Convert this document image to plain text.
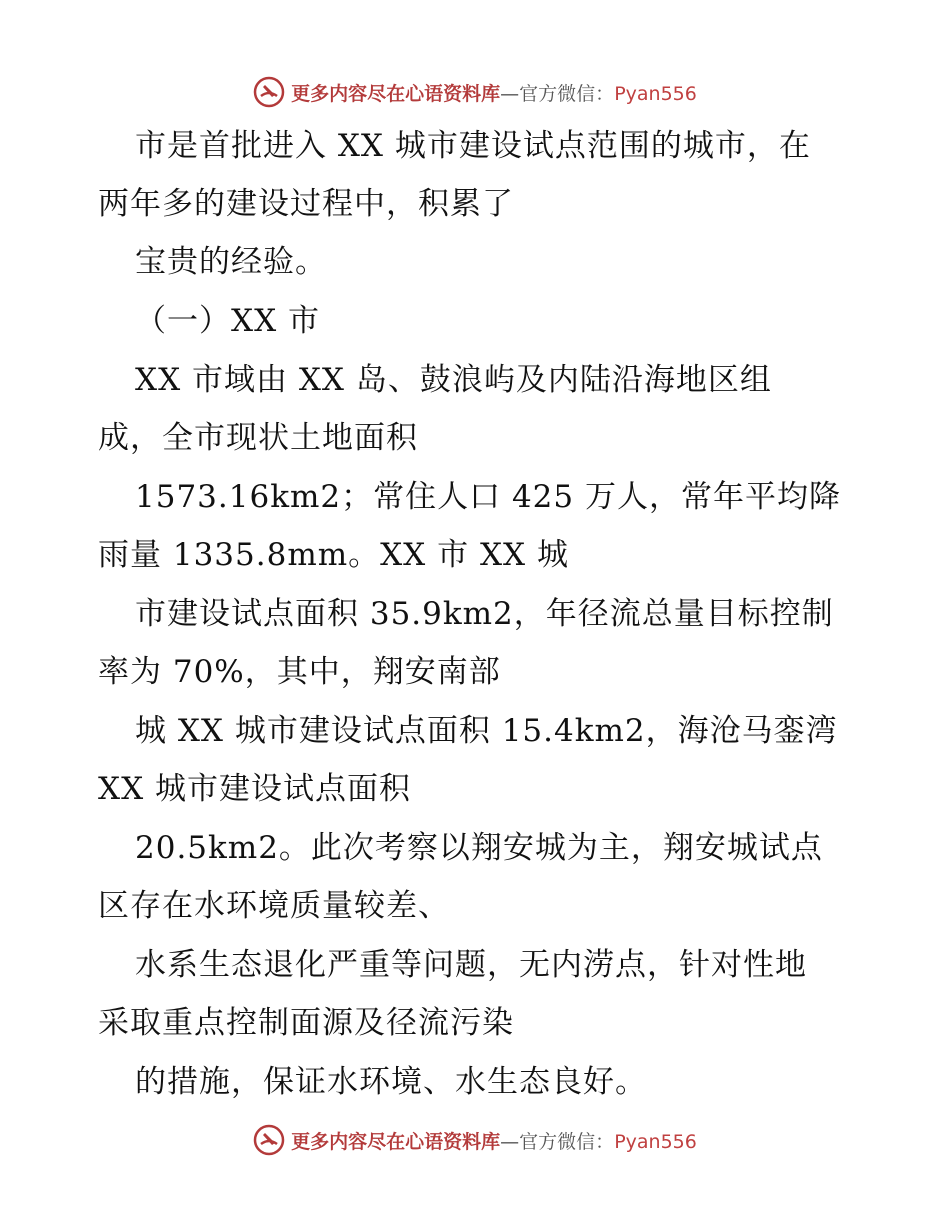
更多内容尽在心语资料库—官方微信：Pyan556
市是首批进入 XX 城市建设试点范围的城市，在
两年多的建设过程中，积累了
宝贵的经验。
（一）XX 市
XX 市域由 XX 岛、鼓浪屿及内陆沿海地区组
成，全市现状土地面积
1573.16km2；常住人口 425 万人，常年平均降
雨量 1335.8mm。XX 市 XX 城
市建设试点面积 35.9km2，年径流总量目标控制
率为 70%，其中，翔安南部
城 XX 城市建设试点面积 15.4km2，海沧马銮湾
XX 城市建设试点面积
20.5km2。此次考察以翔安城为主，翔安城试点
区存在水环境质量较差、
水系生态退化严重等问题，无内涝点，针对性地
采取重点控制面源及径流污染
的措施，保证水环境、水生态良好。
更多内容尽在心语资料库—官方微信：Pyan556
